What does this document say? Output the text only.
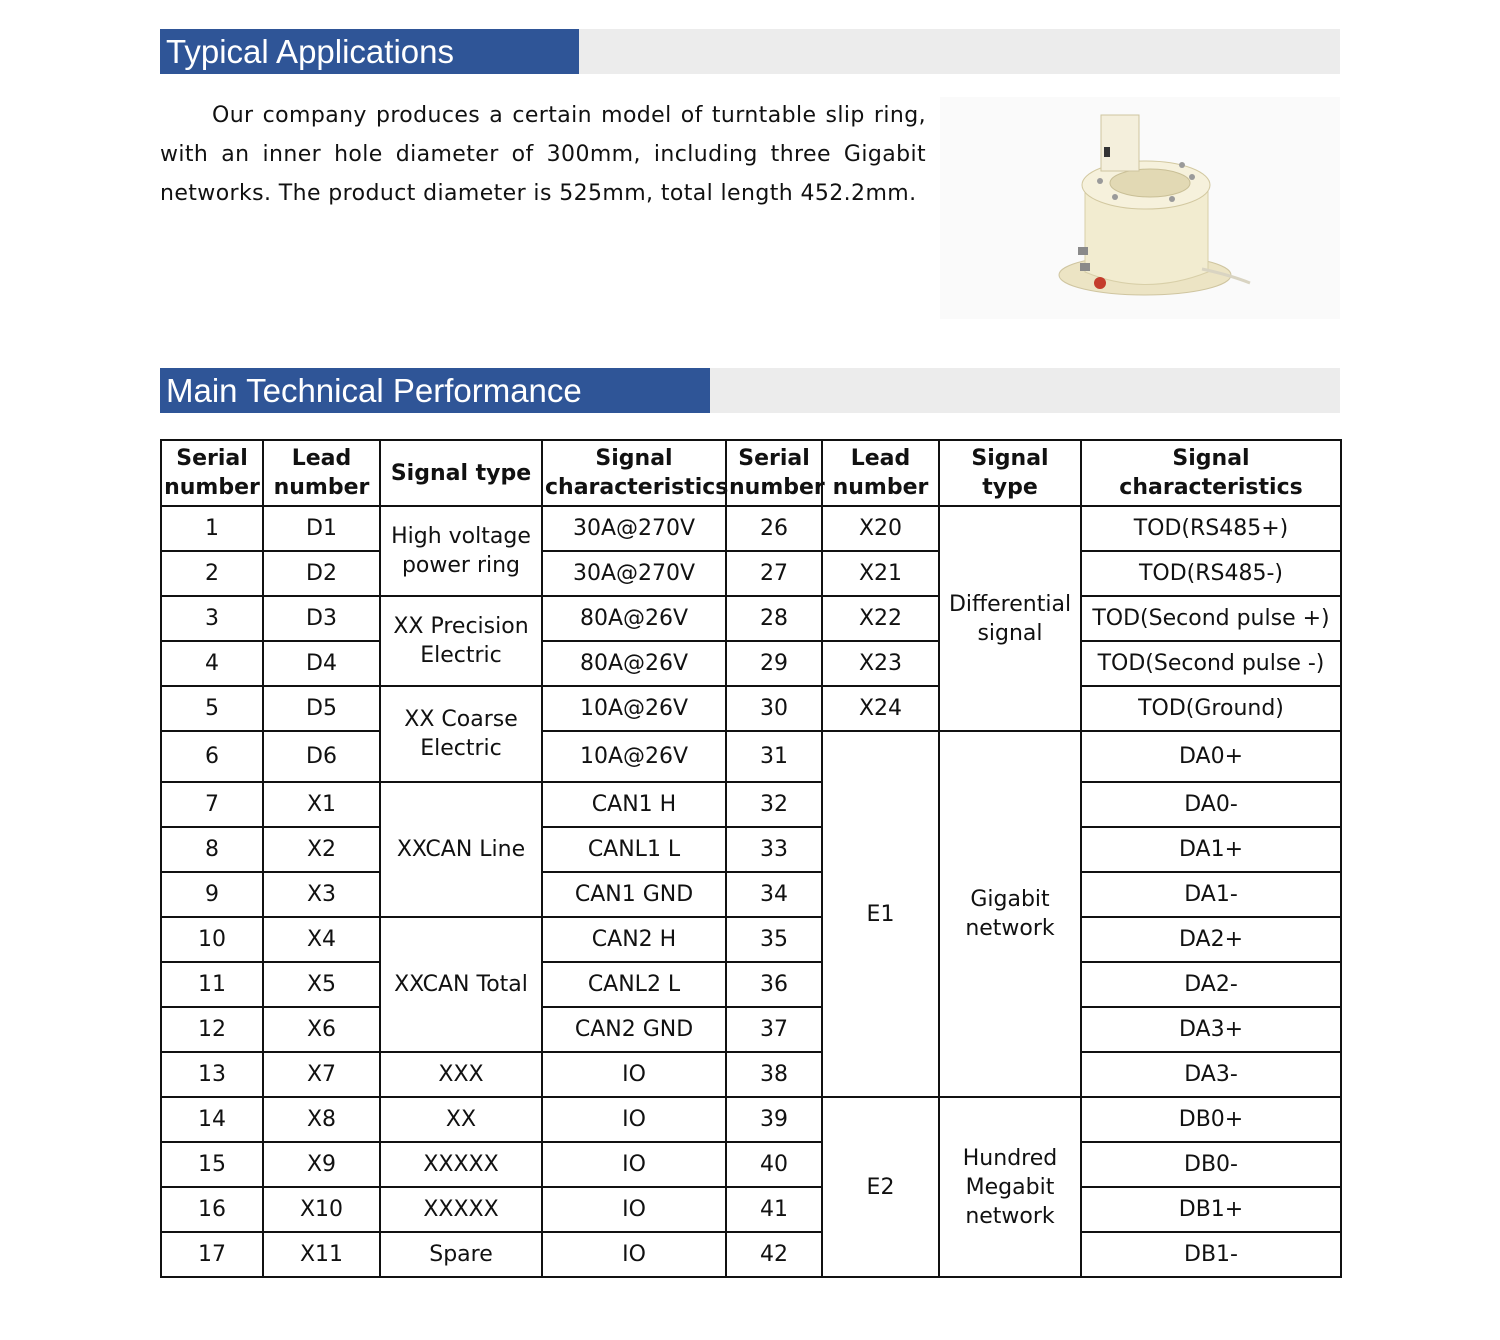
Typical Applications

Our company produces a certain model of turntable slip ring, with an inner hole diameter of 300mm, including three Gigabit networks. The product diameter is 525mm, total length 452.2mm.

Main Technical Performance
Serial number	Lead number	Signal type	Signal characteristics	Serial number	Lead number	Signal type	Signal characteristics
1	D1	High voltage power ring	30A@270V	26	X20	Differential signal	TOD(RS485+)
2	D2		30A@270V	27	X21		TOD(RS485-)
3	D3	XX Precision Electric	80A@26V	28	X22		TOD(Second pulse +)
4	D4		80A@26V	29	X23		TOD(Second pulse -)
5	D5	XX Coarse Electric	10A@26V	30	X24		TOD(Ground)
6	D6		10A@26V	31	E1	Gigabit network	DA0+
7	X1	XXCAN Line	CAN1 H	32			DA0-
8	X2		CANL1 L	33			DA1+
9	X3		CAN1 GND	34			DA1-
10	X4	XXCAN Total	CAN2 H	35			DA2+
11	X5		CANL2 L	36			DA2-
12	X6		CAN2 GND	37			DA3+
13	X7	XXX	IO	38			DA3-
14	X8	XX	IO	39	E2	Hundred Megabit network	DB0+
15	X9	XXXXX	IO	40			DB0-
16	X10	XXXXX	IO	41			DB1+
17	X11	Spare	IO	42			DB1-
